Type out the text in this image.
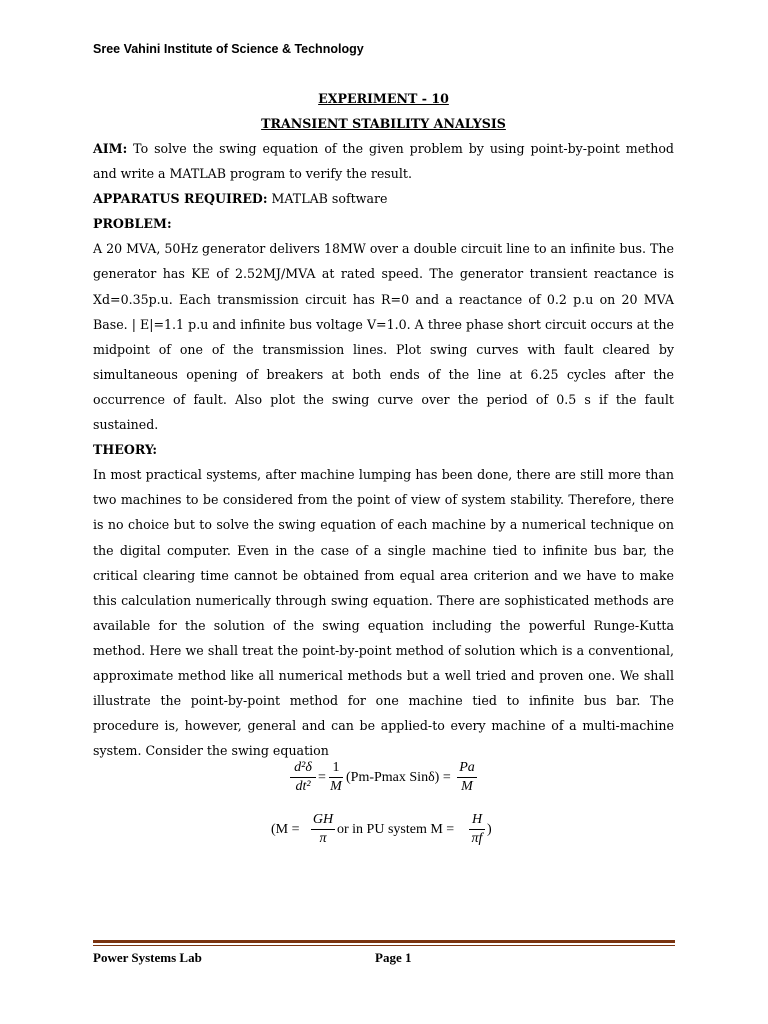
Sree Vahini Institute of Science & Technology
EXPERIMENT - 10
TRANSIENT STABILITY ANALYSIS
AIM: To solve the swing equation of the given problem by using point-by-point method and write a MATLAB program to verify the result.
APPARATUS REQUIRED: MATLAB software
PROBLEM:
A 20 MVA, 50Hz generator delivers 18MW over a double circuit line to an infinite bus. The generator has KE of 2.52MJ/MVA at rated speed. The generator transient reactance is Xd=0.35p.u. Each transmission circuit has R=0 and a reactance of 0.2 p.u on 20 MVA Base. | E|=1.1 p.u and infinite bus voltage V=1.0. A three phase short circuit occurs at the midpoint of one of the transmission lines. Plot swing curves with fault cleared by simultaneous opening of breakers at both ends of the line at 6.25 cycles after the occurrence of fault. Also plot the swing curve over the period of 0.5 s if the fault sustained.
THEORY:
In most practical systems, after machine lumping has been done, there are still more than two machines to be considered from the point of view of system stability. Therefore, there is no choice but to solve the swing equation of each machine by a numerical technique on the digital computer. Even in the case of a single machine tied to infinite bus bar, the critical clearing time cannot be obtained from equal area criterion and we have to make this calculation numerically through swing equation. There are sophisticated methods are available for the solution of the swing equation including the powerful Runge-Kutta method. Here we shall treat the point-by-point method of solution which is a conventional, approximate method like all numerical methods but a well tried and proven one. We shall illustrate the point-by-point method for one machine tied to infinite bus bar. The procedure is, however, general and can be applied-to every machine of a multi-machine system. Consider the swing equation
d²δ
dt²
=
1
M
(Pm-Pmax Sinδ) =
Pa
M
(M =
GH
π
or in PU system M =
H
πf
)
Power Systems Lab	Page 1
